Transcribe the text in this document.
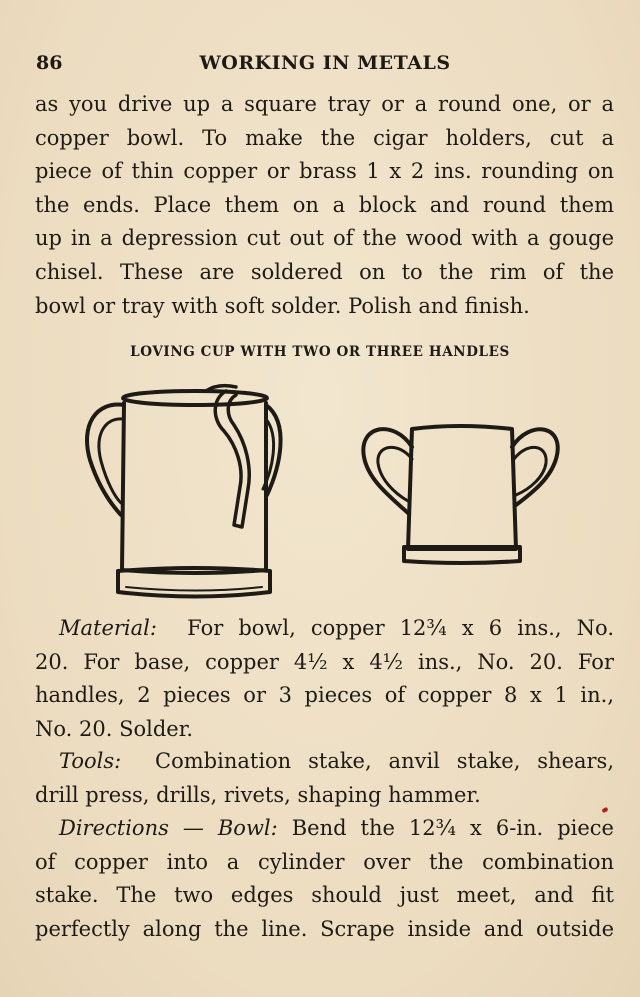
86	WORKING IN METALS
as you drive up a square tray or a round one, or a
copper bowl. To make the cigar holders, cut a
piece of thin copper or brass 1 x 2 ins. rounding on
the ends. Place them on a block and round them
up in a depression cut out of the wood with a gouge
chisel. These are soldered on to the rim of the
bowl or tray with soft solder. Polish and finish.
LOVING CUP WITH TWO OR THREE HANDLES
Material: For bowl, copper 12¾ x 6 ins., No.
20. For base, copper 4½ x 4½ ins., No. 20. For
handles, 2 pieces or 3 pieces of copper 8 x 1 in.,
No. 20. Solder.
Tools: Combination stake, anvil stake, shears,
drill press, drills, rivets, shaping hammer.
Directions — Bowl: Bend the 12¾ x 6-in. piece
of copper into a cylinder over the combination
stake. The two edges should just meet, and fit
perfectly along the line. Scrape inside and outside
